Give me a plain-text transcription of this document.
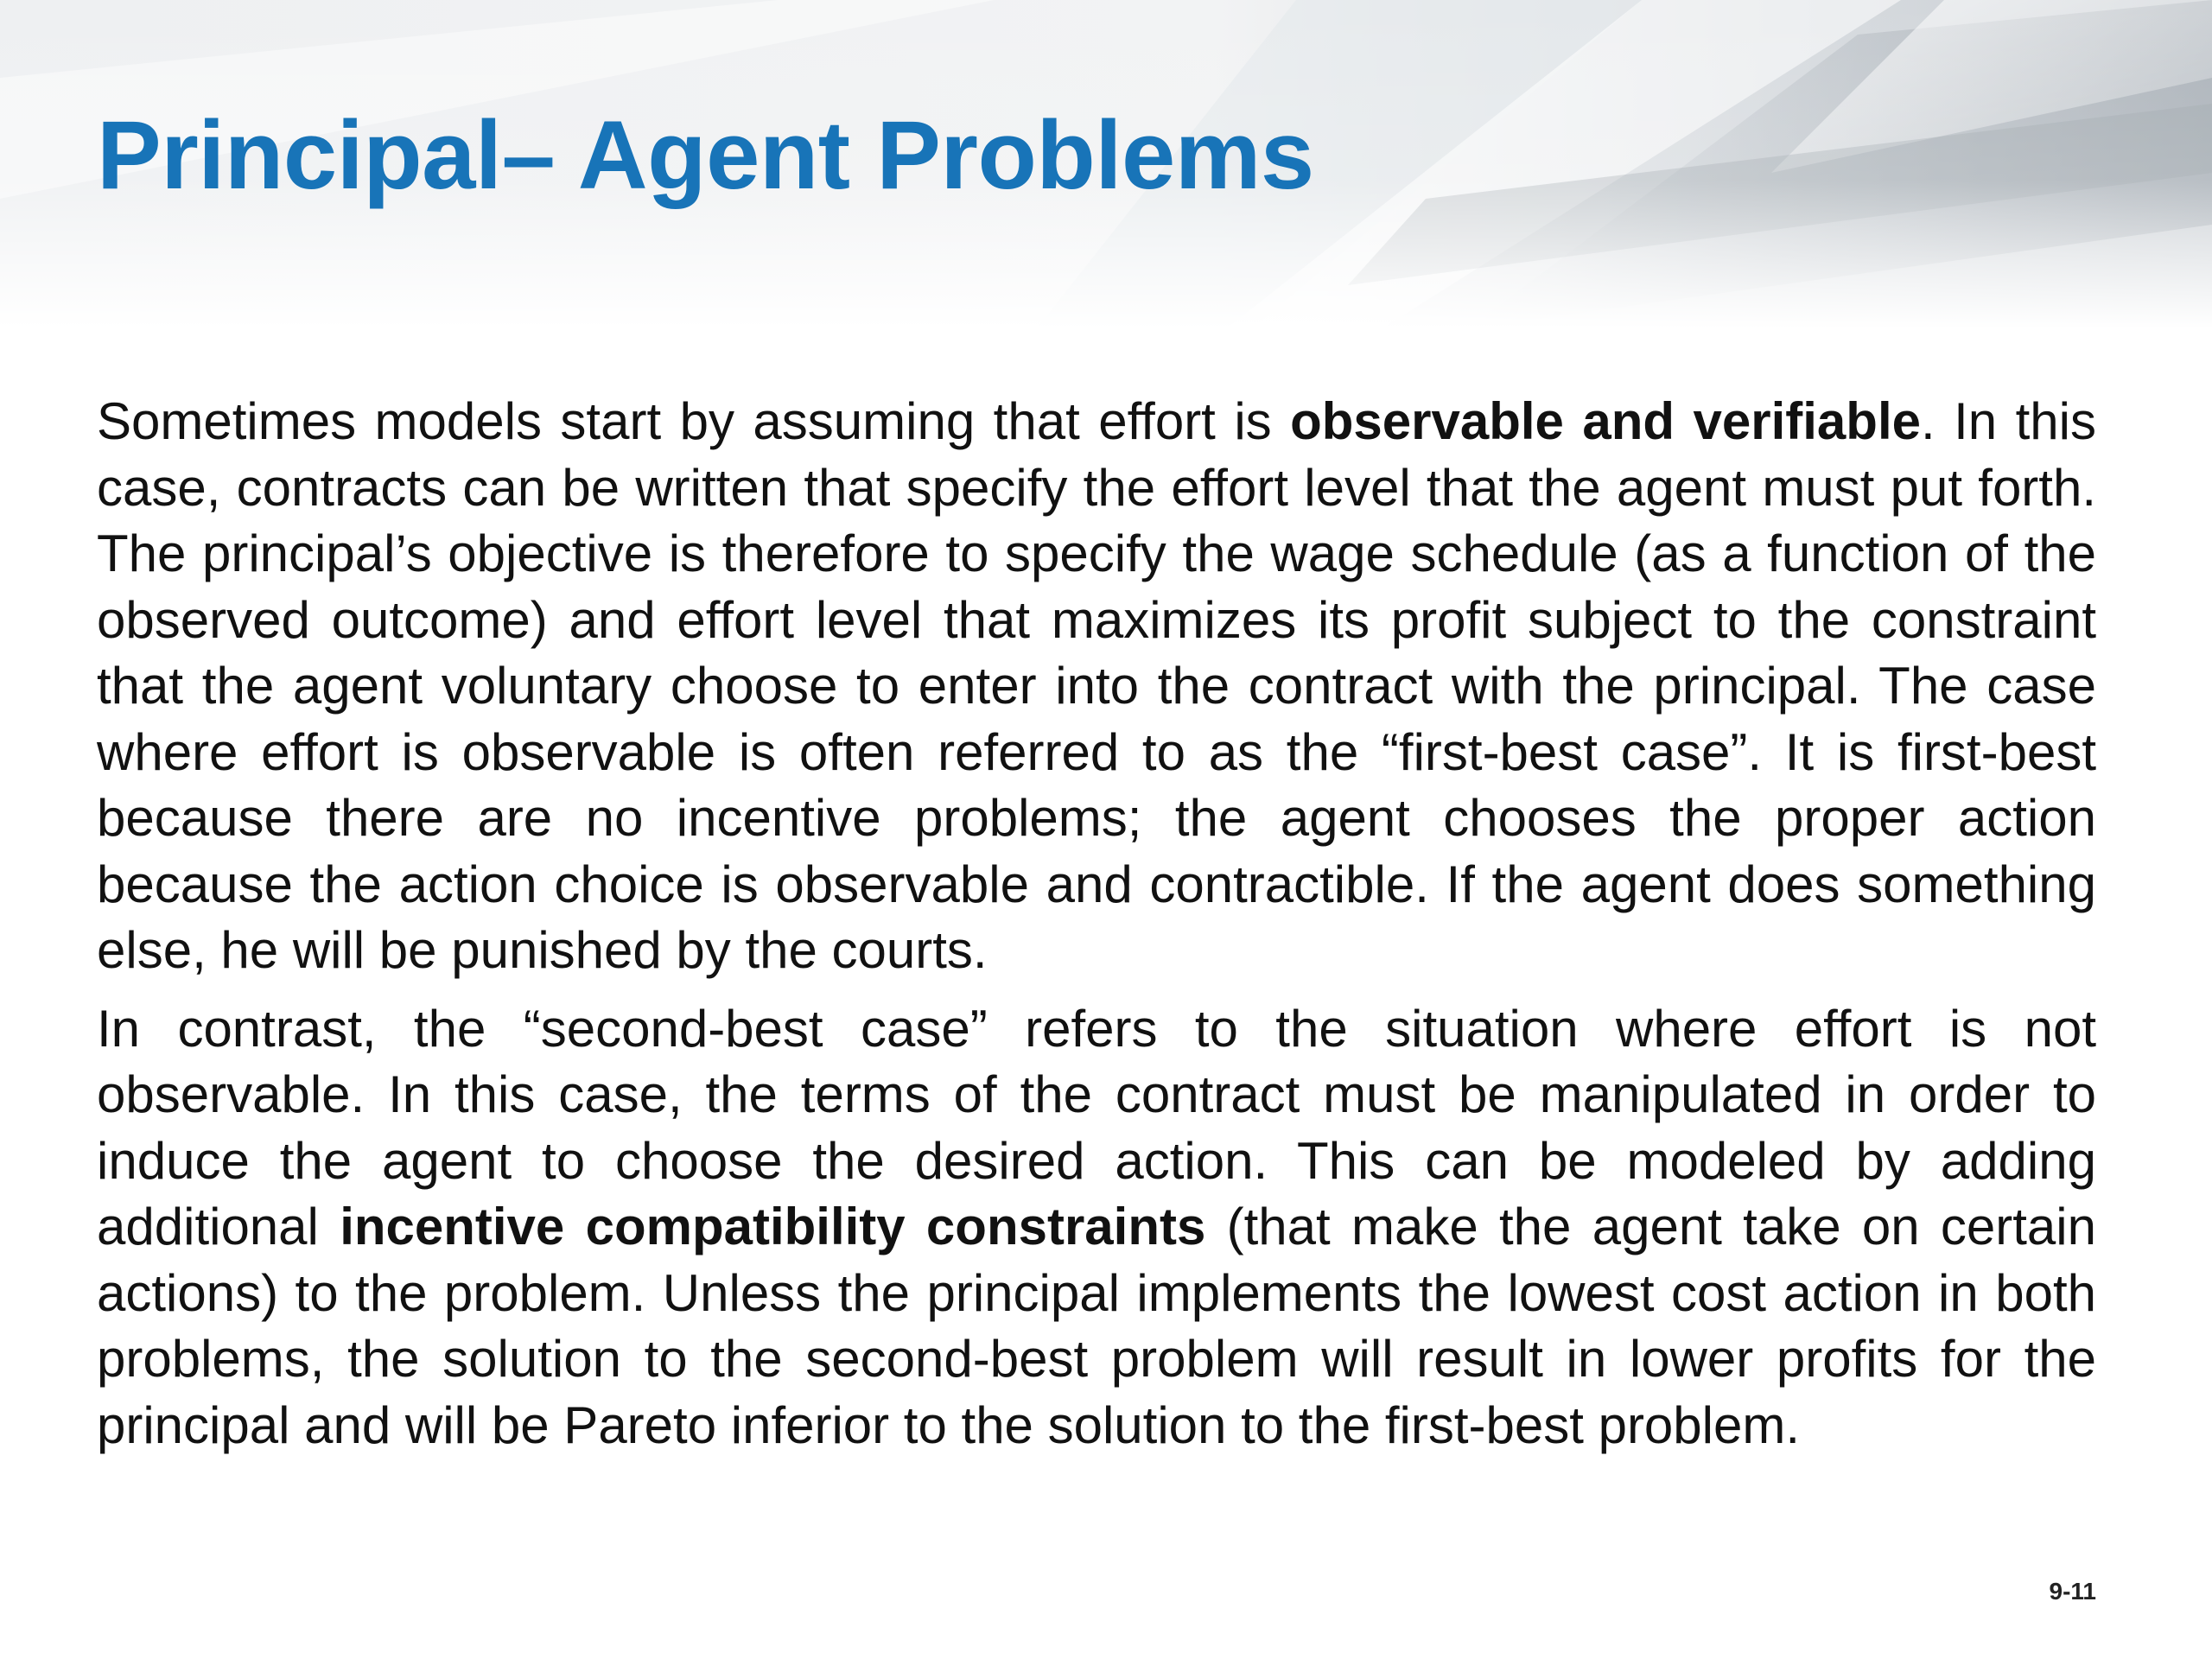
Principal– Agent Problems

Sometimes models start by assuming that effort is observable and verifiable. In this case, contracts can be written that specify the effort level that the agent must put forth. The principal’s objective is therefore to specify the wage schedule (as a function of the observed outcome) and effort level that maximizes its profit subject to the constraint that the agent voluntary choose to enter into the contract with the principal. The case where effort is observable is often referred to as the “first-best case”. It is first-best because there are no incentive problems; the agent chooses the proper action because the action choice is observable and contractible. If the agent does something else, he will be punished by the courts.

In contrast, the “second-best case” refers to the situation where effort is not observable. In this case, the terms of the contract must be manipulated in order to induce the agent to choose the desired action. This can be modeled by adding additional incentive compatibility constraints (that make the agent take on certain actions) to the problem. Unless the principal implements the lowest cost action in both problems, the solution to the second-best problem will result in lower profits for the principal and will be Pareto inferior to the solution to the first-best problem.

9-11
